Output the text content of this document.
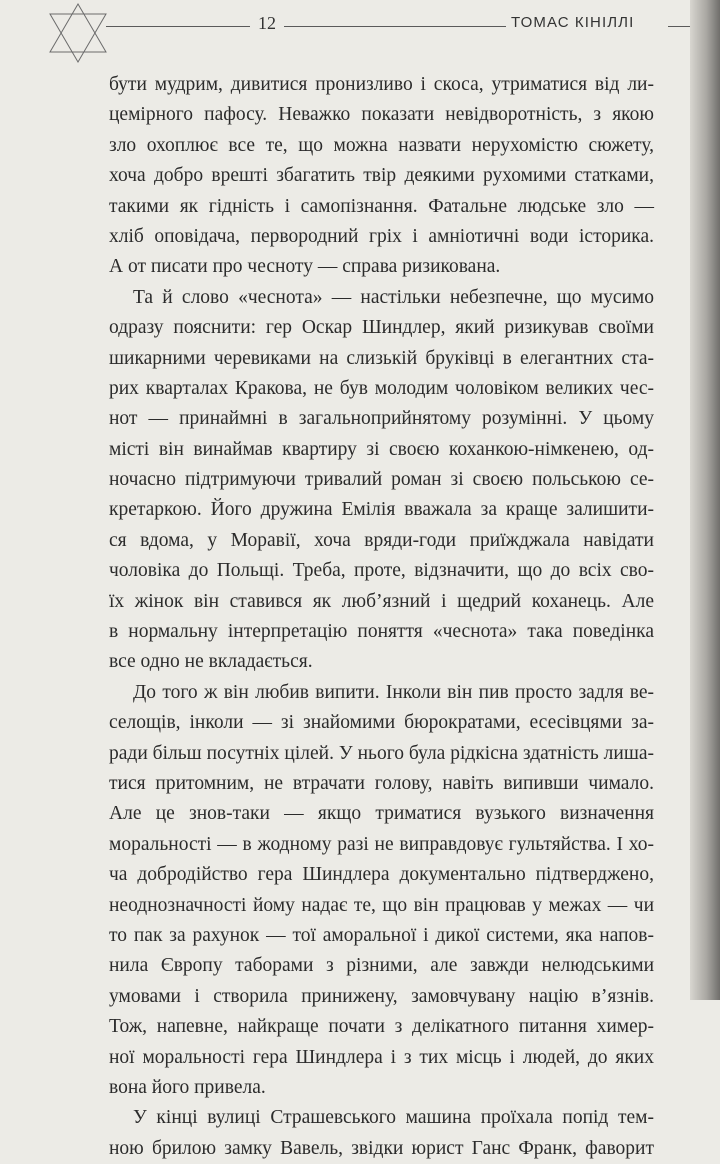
12	ТОМАС КІНІЛЛІ
бути мудрим, дивитися пронизливо і скоса, утриматися від ли-
цемірного пафосу. Неважко показати невідворотність, з якою
зло охоплює все те, що можна назвати нерухомістю сюжету,
хоча добро врешті збагатить твір деякими рухомими статками,
такими як гідність і самопізнання. Фатальне людське зло —
хліб оповідача, первородний гріх і амніотичні води історика.
А от писати про чесноту — справа ризикована.
Та й слово «чеснота» — настільки небезпечне, що мусимо
одразу пояснити: гер Оскар Шиндлер, який ризикував своїми
шикарними черевиками на слизькій бруківці в елегантних ста-
рих кварталах Кракова, не був молодим чоловіком великих чес-
нот — принаймні в загальноприйнятому розумінні. У цьому
місті він винаймав квартиру зі своєю коханкою-німкенею, од-
ночасно підтримуючи тривалий роман зі своєю польською се-
кретаркою. Його дружина Емілія вважала за краще залишити-
ся вдома, у Моравії, хоча вряди-годи приїжджала навідати
чоловіка до Польщі. Треба, проте, відзначити, що до всіх сво-
їх жінок він ставився як люб’язний і щедрий коханець. Але
в нормальну інтерпретацію поняття «чеснота» така поведінка
все одно не вкладається.
До того ж він любив випити. Інколи він пив просто задля ве-
селощів, інколи — зі знайомими бюрократами, есесівцями за-
ради більш посутніх цілей. У нього була рідкісна здатність лиша-
тися притомним, не втрачати голову, навіть випивши чимало.
Але це знов-таки — якщо триматися вузького визначення
моральності — в жодному разі не виправдовує гультяйства. І хо-
ча добродійство гера Шиндлера документально підтверджено,
неоднозначності йому надає те, що він працював у межах — чи
то пак за рахунок — тої аморальної і дикої системи, яка напов-
нила Європу таборами з різними, але завжди нелюдськими
умовами і створила принижену, замовчувану націю в’язнів.
Тож, напевне, найкраще почати з делікатного питання химер-
ної моральності гера Шиндлера і з тих місць і людей, до яких
вона його привела.
У кінці вулиці Страшевського машина проїхала попід тем-
ною брилою замку Вавель, звідки юрист Ганс Франк, фаворит
